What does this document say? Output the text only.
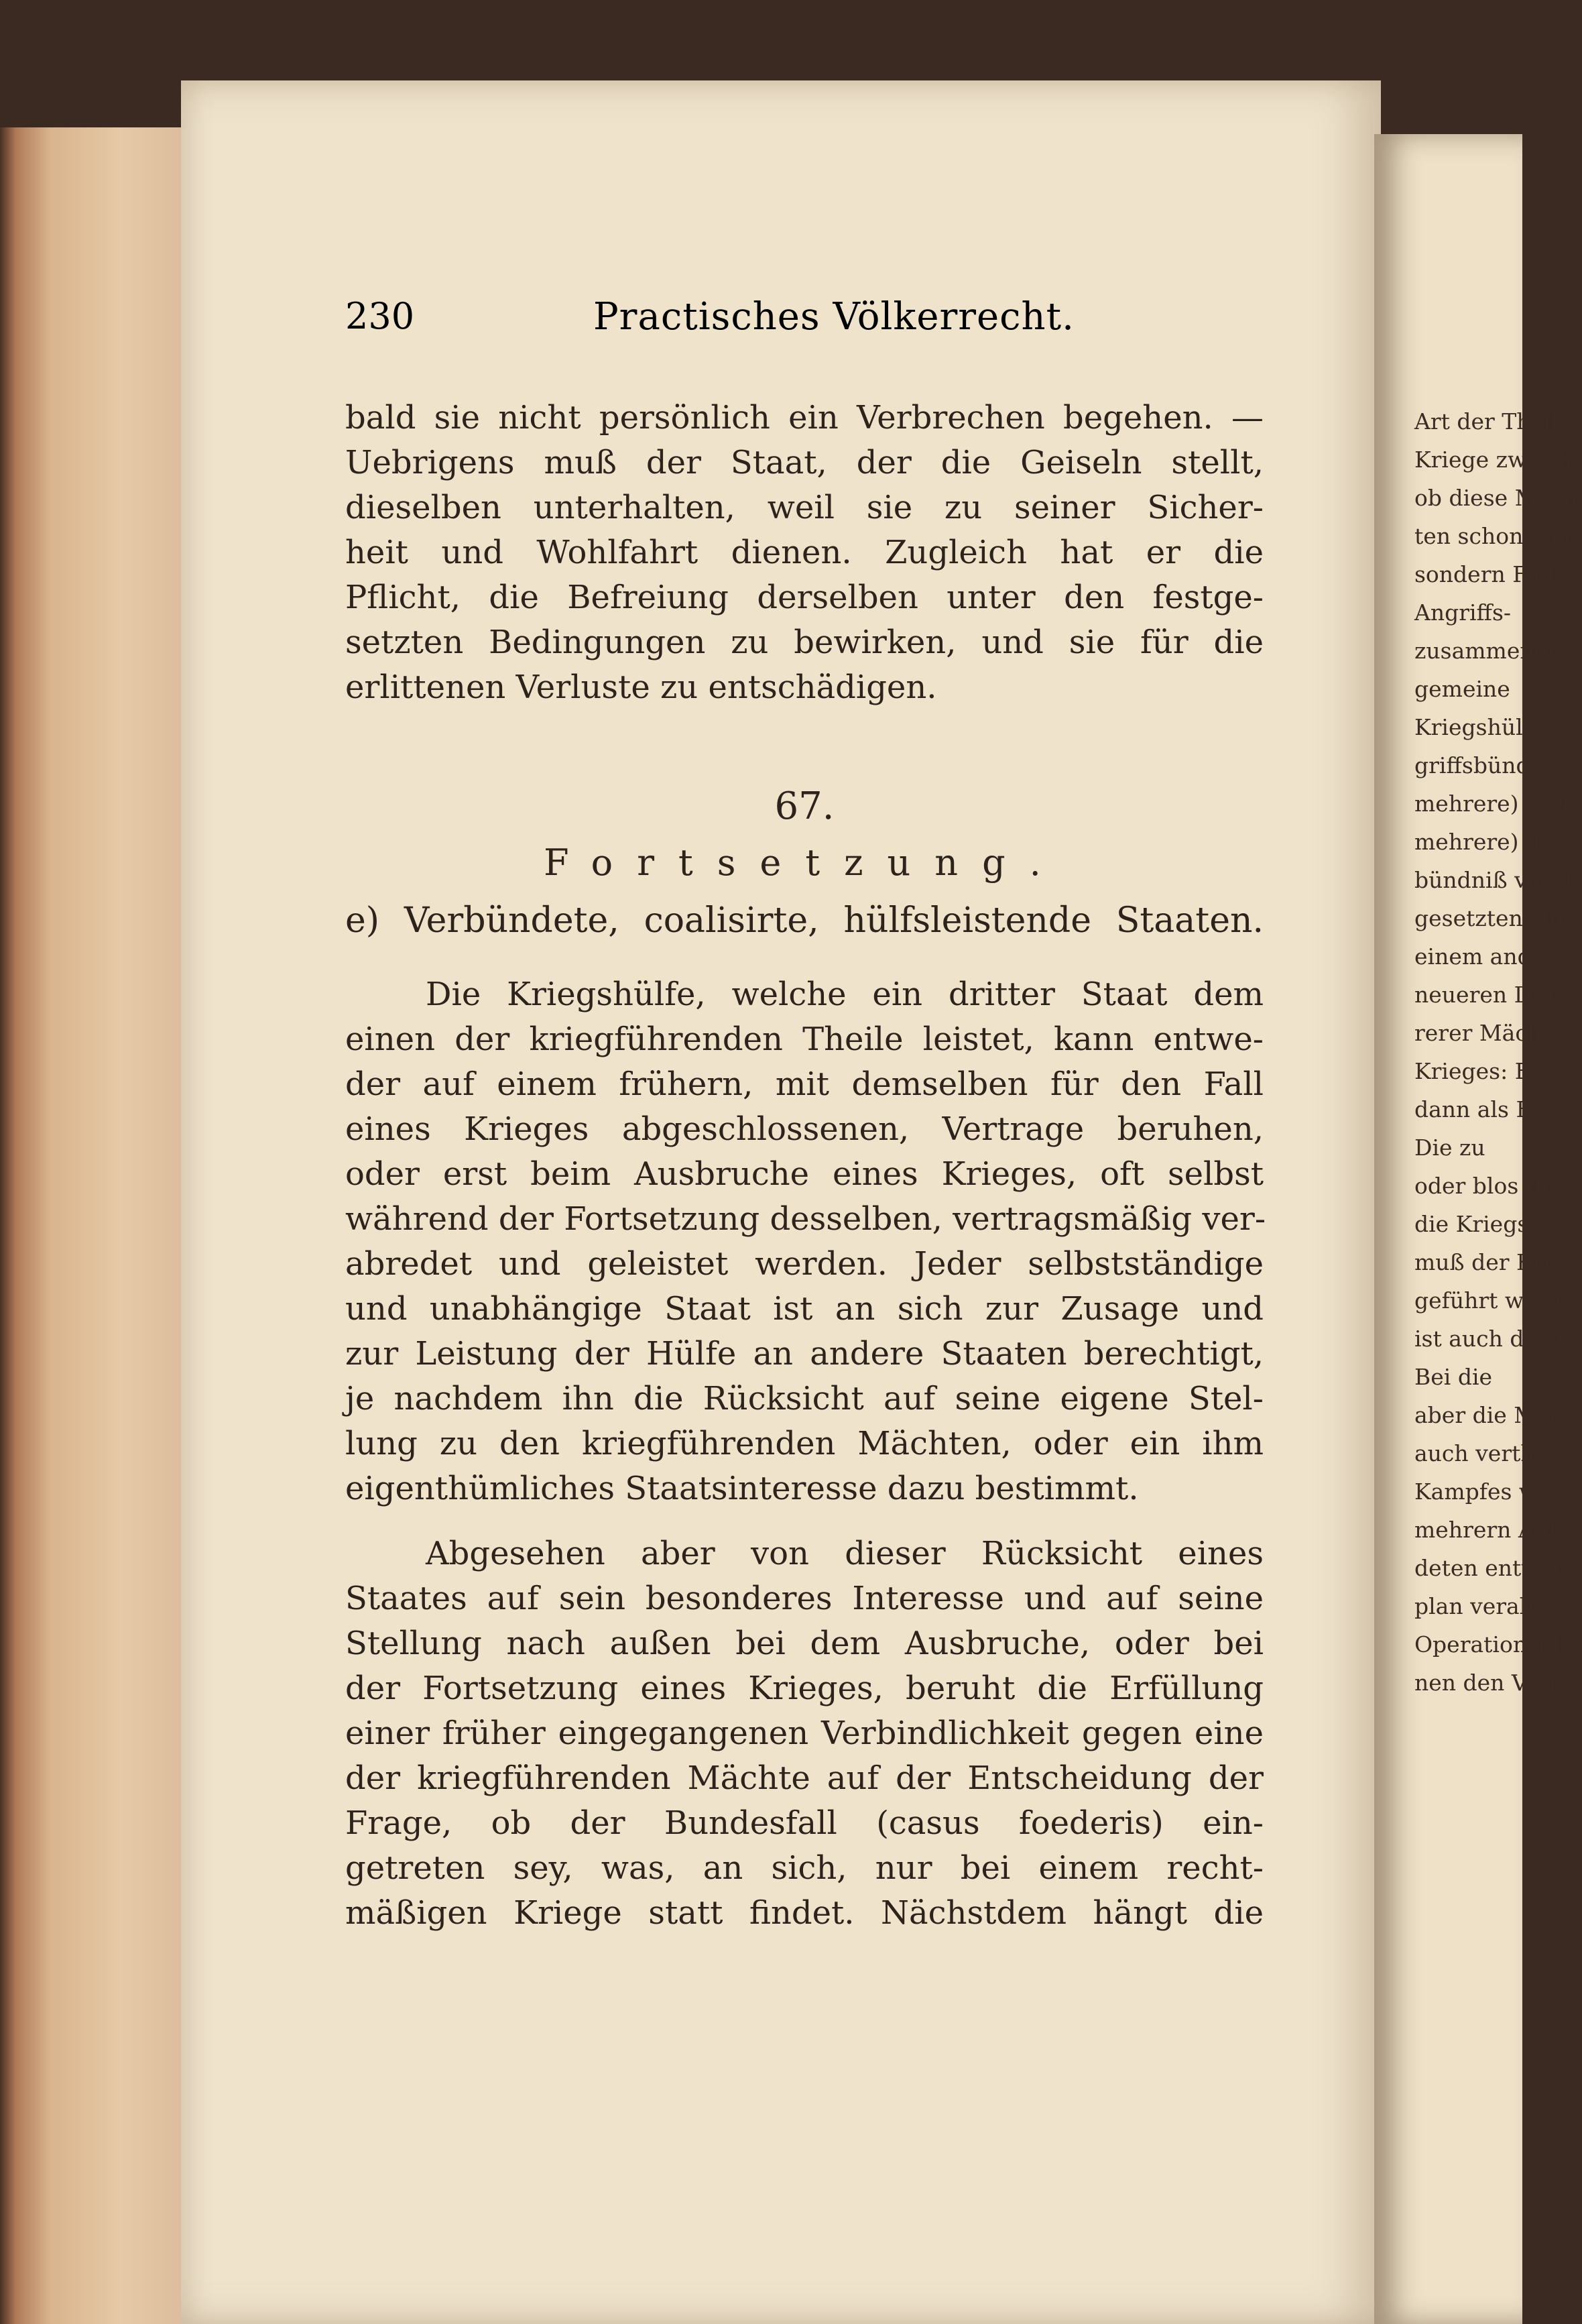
Art der Theil
Kriege zwisch
ob diese Mäch
ten schon läng
sondern Fall
Angriffs-
zusammenge
gemeine
Kriegshülfe
griffsbündniß
mehrere) verb
mehrere) den
bündniß verpf
gesetzten Hül
einem andern
neueren Dipl
rerer Mäch
Krieges: E
dann als Ei
Die zu
oder blos th
die Kriegsh
muß der Kri
geführt werde
ist auch der Fe
Bei die
aber die Mac
auch verth
Kampfes we
mehrern Anf
deten entwed
plan verabre
Operationspl
nen den Verb
230	Practisches Völkerrecht.
bald sie nicht persönlich ein Verbrechen begehen. —
Uebrigens muß der Staat, der die Geiseln stellt,
dieselben unterhalten, weil sie zu seiner Sicher-
heit und Wohlfahrt dienen. Zugleich hat er die
Pflicht, die Befreiung derselben unter den festge-
setzten Bedingungen zu bewirken, und sie für die
erlittenen Verluste zu entschädigen.
67.
Fortsetzung.
e) Verbündete, coalisirte, hülfsleistende Staaten.
Die Kriegshülfe, welche ein dritter Staat dem
einen der kriegführenden Theile leistet, kann entwe-
der auf einem frühern, mit demselben für den Fall
eines Krieges abgeschlossenen, Vertrage beruhen,
oder erst beim Ausbruche eines Krieges, oft selbst
während der Fortsetzung desselben, vertragsmäßig ver-
abredet und geleistet werden. Jeder selbstständige
und unabhängige Staat ist an sich zur Zusage und
zur Leistung der Hülfe an andere Staaten berechtigt,
je nachdem ihn die Rücksicht auf seine eigene Stel-
lung zu den kriegführenden Mächten, oder ein ihm
eigenthümliches Staatsinteresse dazu bestimmt.
Abgesehen aber von dieser Rücksicht eines
Staates auf sein besonderes Interesse und auf seine
Stellung nach außen bei dem Ausbruche, oder bei
der Fortsetzung eines Krieges, beruht die Erfüllung
einer früher eingegangenen Verbindlichkeit gegen eine
der kriegführenden Mächte auf der Entscheidung der
Frage, ob der Bundesfall (casus foederis) ein-
getreten sey, was, an sich, nur bei einem recht-
mäßigen Kriege statt findet. Nächstdem hängt die
